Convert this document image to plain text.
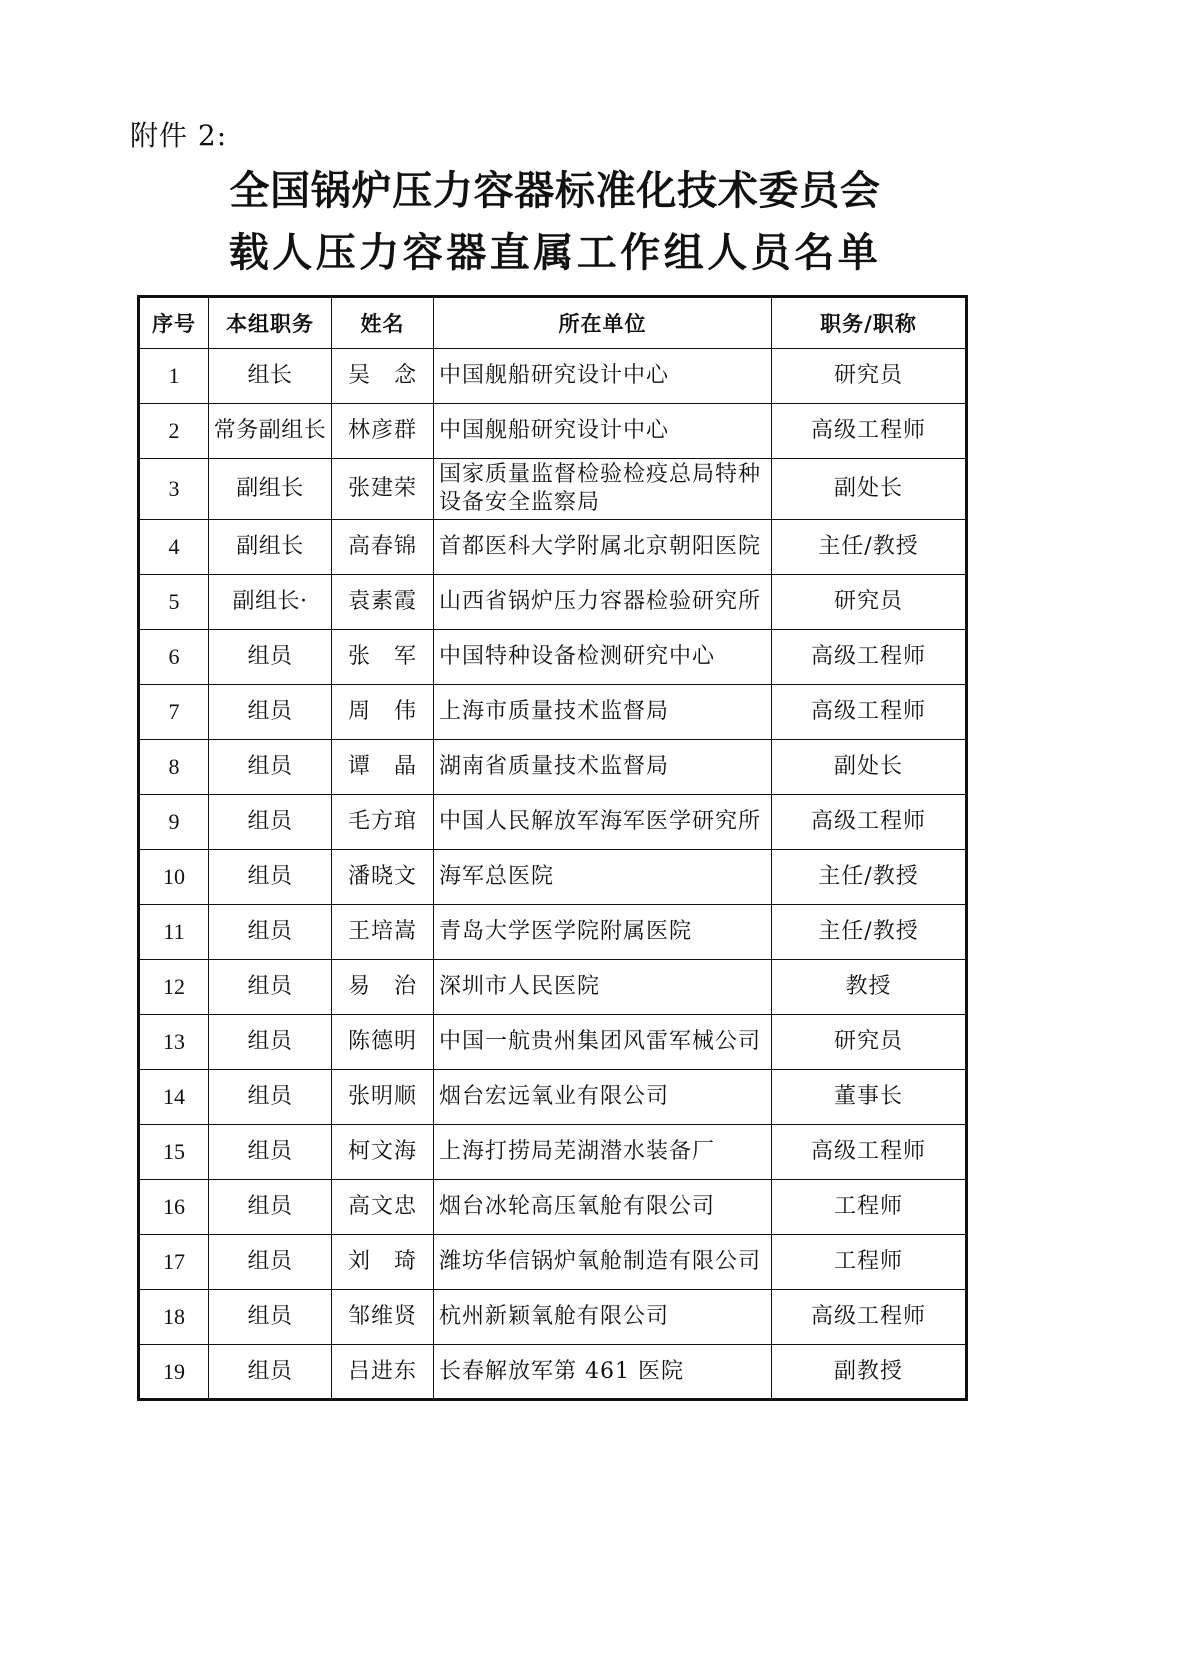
附件 2:
全国锅炉压力容器标准化技术委员会
载人压力容器直属工作组人员名单
序号	本组职务	姓名	所在单位	职务/职称
1	组长	吴　念	中国舰船研究设计中心	研究员
2	常务副组长	林彦群	中国舰船研究设计中心	高级工程师
3	副组长	张建荣	国家质量监督检验检疫总局特种设备安全监察局	副处长
4	副组长	高春锦	首都医科大学附属北京朝阳医院	主任/教授
5	副组长·	袁素霞	山西省锅炉压力容器检验研究所	研究员
6	组员	张　军	中国特种设备检测研究中心	高级工程师
7	组员	周　伟	上海市质量技术监督局	高级工程师
8	组员	谭　晶	湖南省质量技术监督局	副处长
9	组员	毛方琯	中国人民解放军海军医学研究所	高级工程师
10	组员	潘晓文	海军总医院	主任/教授
11	组员	王培嵩	青岛大学医学院附属医院	主任/教授
12	组员	易　治	深圳市人民医院	教授
13	组员	陈德明	中国一航贵州集团风雷军械公司	研究员
14	组员	张明顺	烟台宏远氧业有限公司	董事长
15	组员	柯文海	上海打捞局芜湖潜水装备厂	高级工程师
16	组员	高文忠	烟台冰轮高压氧舱有限公司	工程师
17	组员	刘　琦	潍坊华信锅炉氧舱制造有限公司	工程师
18	组员	邹维贤	杭州新颖氧舱有限公司	高级工程师
19	组员	吕进东	长春解放军第 461 医院	副教授
